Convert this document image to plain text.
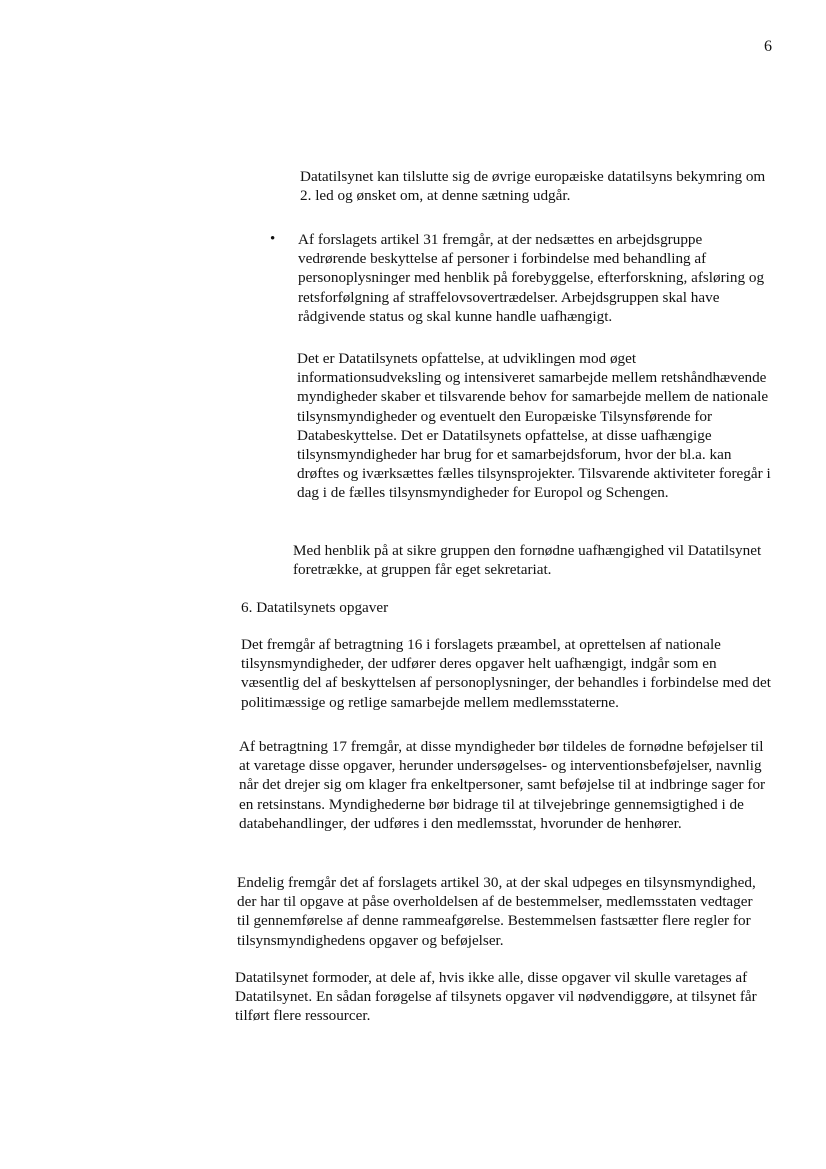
6

Datatilsynet kan tilslutte sig de øvrige europæiske datatilsyns bekymring om 2. led og ønsket om, at denne sætning udgår.

•	Af forslagets artikel 31 fremgår, at der nedsættes en arbejdsgruppe vedrørende beskyttelse af personer i forbindelse med behandling af personoplysninger med henblik på forebyggelse, efterforskning, afsløring og retsforfølgning af straffelovsovertrædelser. Arbejdsgruppen skal have rådgivende status og skal kunne handle uafhængigt.

Det er Datatilsynets opfattelse, at udviklingen mod øget informationsudveksling og intensiveret samarbejde mellem retshåndhævende myndigheder skaber et tilsvarende behov for samarbejde mellem de nationale tilsynsmyndigheder og eventuelt den Europæiske Tilsynsførende for Databeskyttelse. Det er Datatilsynets opfattelse, at disse uafhængige tilsynsmyndigheder har brug for et samarbejdsforum, hvor der bl.a. kan drøftes og iværksættes fælles tilsynsprojekter. Tilsvarende aktiviteter foregår i dag i de fælles tilsynsmyndigheder for Europol og Schengen.

Med henblik på at sikre gruppen den fornødne uafhængighed vil Datatilsynet foretrække, at gruppen får eget sekretariat.

6. Datatilsynets opgaver

Det fremgår af betragtning 16 i forslagets præambel, at oprettelsen af nationale tilsynsmyndigheder, der udfører deres opgaver helt uafhængigt, indgår som en væsentlig del af beskyttelsen af personoplysninger, der behandles i forbindelse med det politimæssige og retlige samarbejde mellem medlemsstaterne.

Af betragtning 17 fremgår, at disse myndigheder bør tildeles de fornødne beføjelser til at varetage disse opgaver, herunder undersøgelses- og interventionsbeføjelser, navnlig når det drejer sig om klager fra enkeltpersoner, samt beføjelse til at indbringe sager for en retsinstans. Myndighederne bør bidrage til at tilvejebringe gennemsigtighed i de databehandlinger, der udføres i den medlemsstat, hvorunder de henhører.

Endelig fremgår det af forslagets artikel 30, at der skal udpeges en tilsynsmyndighed, der har til opgave at påse overholdelsen af de bestemmelser, medlemsstaten vedtager til gennemførelse af denne rammeafgørelse. Bestemmelsen fastsætter flere regler for tilsynsmyndighedens opgaver og beføjelser.

Datatilsynet formoder, at dele af, hvis ikke alle, disse opgaver vil skulle varetages af Datatilsynet. En sådan forøgelse af tilsynets opgaver vil nødvendiggøre, at tilsynet får tilført flere ressourcer.
